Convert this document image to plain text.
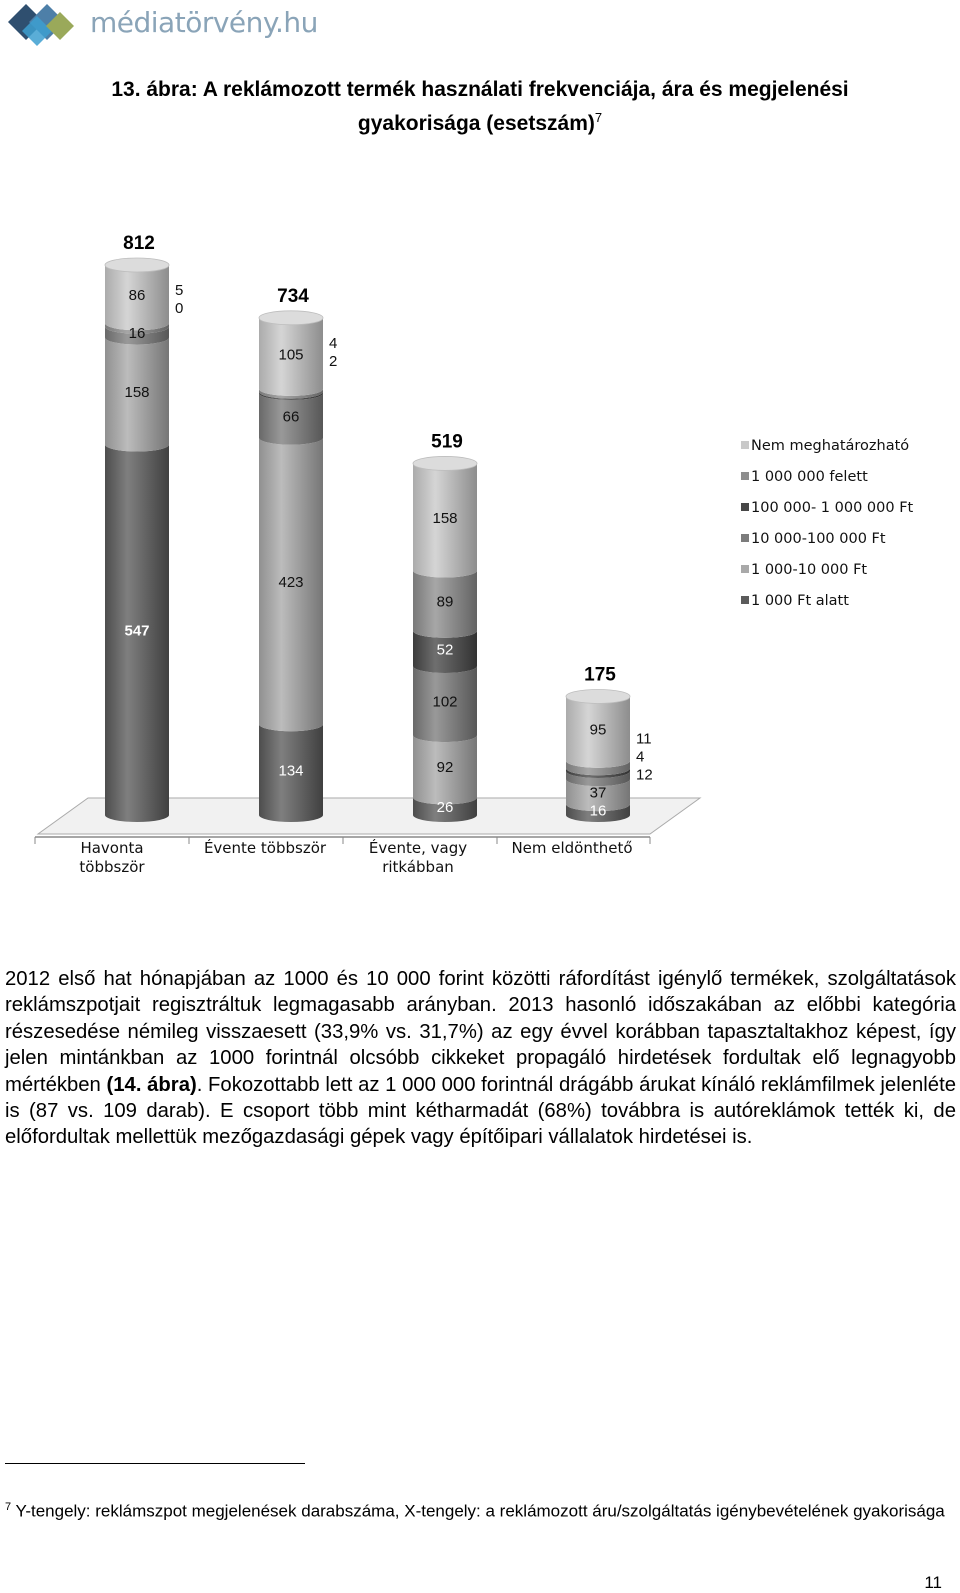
médiatörvény.hu
13. ábra: A reklámozott termék használati frekvenciája, ára és megjelenési
gyakorisága (esetszám)$^7$
547
158
16
86 5
0
812
Havonta
többször
134
423
66
105
4
2
734
Évente többször
26
92
102
52
89
158
519
Évente, vagy
ritkábban
16
37
95
11
4
12
175
Nem eldönthető
Nem meghatározható
1 000 000 felett
100 000- 1 000 000 Ft
10 000-100 000 Ft
1 000-10 000 Ft
1 000 Ft alatt

2012 első hat hónapjában az 1000 és 10 000 forint közötti ráfordítást igénylő termékek, szolgáltatások reklámszpotjait regisztráltuk legmagasabb arányban. 2013 hasonló időszakában az előbbi kategória részesedése némileg visszaesett (33,9% vs. 31,7%) az egy évvel korábban tapasztaltakhoz képest, így jelen mintánkban az 1000 forintnál olcsóbb cikkeket propagáló hirdetések fordultak elő legnagyobb mértékben (14. ábra). Fokozottabb lett az 1 000 000 forintnál drágább árukat kínáló reklámfilmek jelenléte is (87 vs. 109 darab). E csoport több mint kétharmadát (68%) továbbra is autóreklámok tették ki, de előfordultak mellettük mezőgazdasági gépek vagy építőipari vállalatok hirdetései is.

$^7$ Y-tengely: reklámszpot megjelenések darabszáma, X-tengely: a reklámozott áru/szolgáltatás igénybevételének gyakorisága
11
